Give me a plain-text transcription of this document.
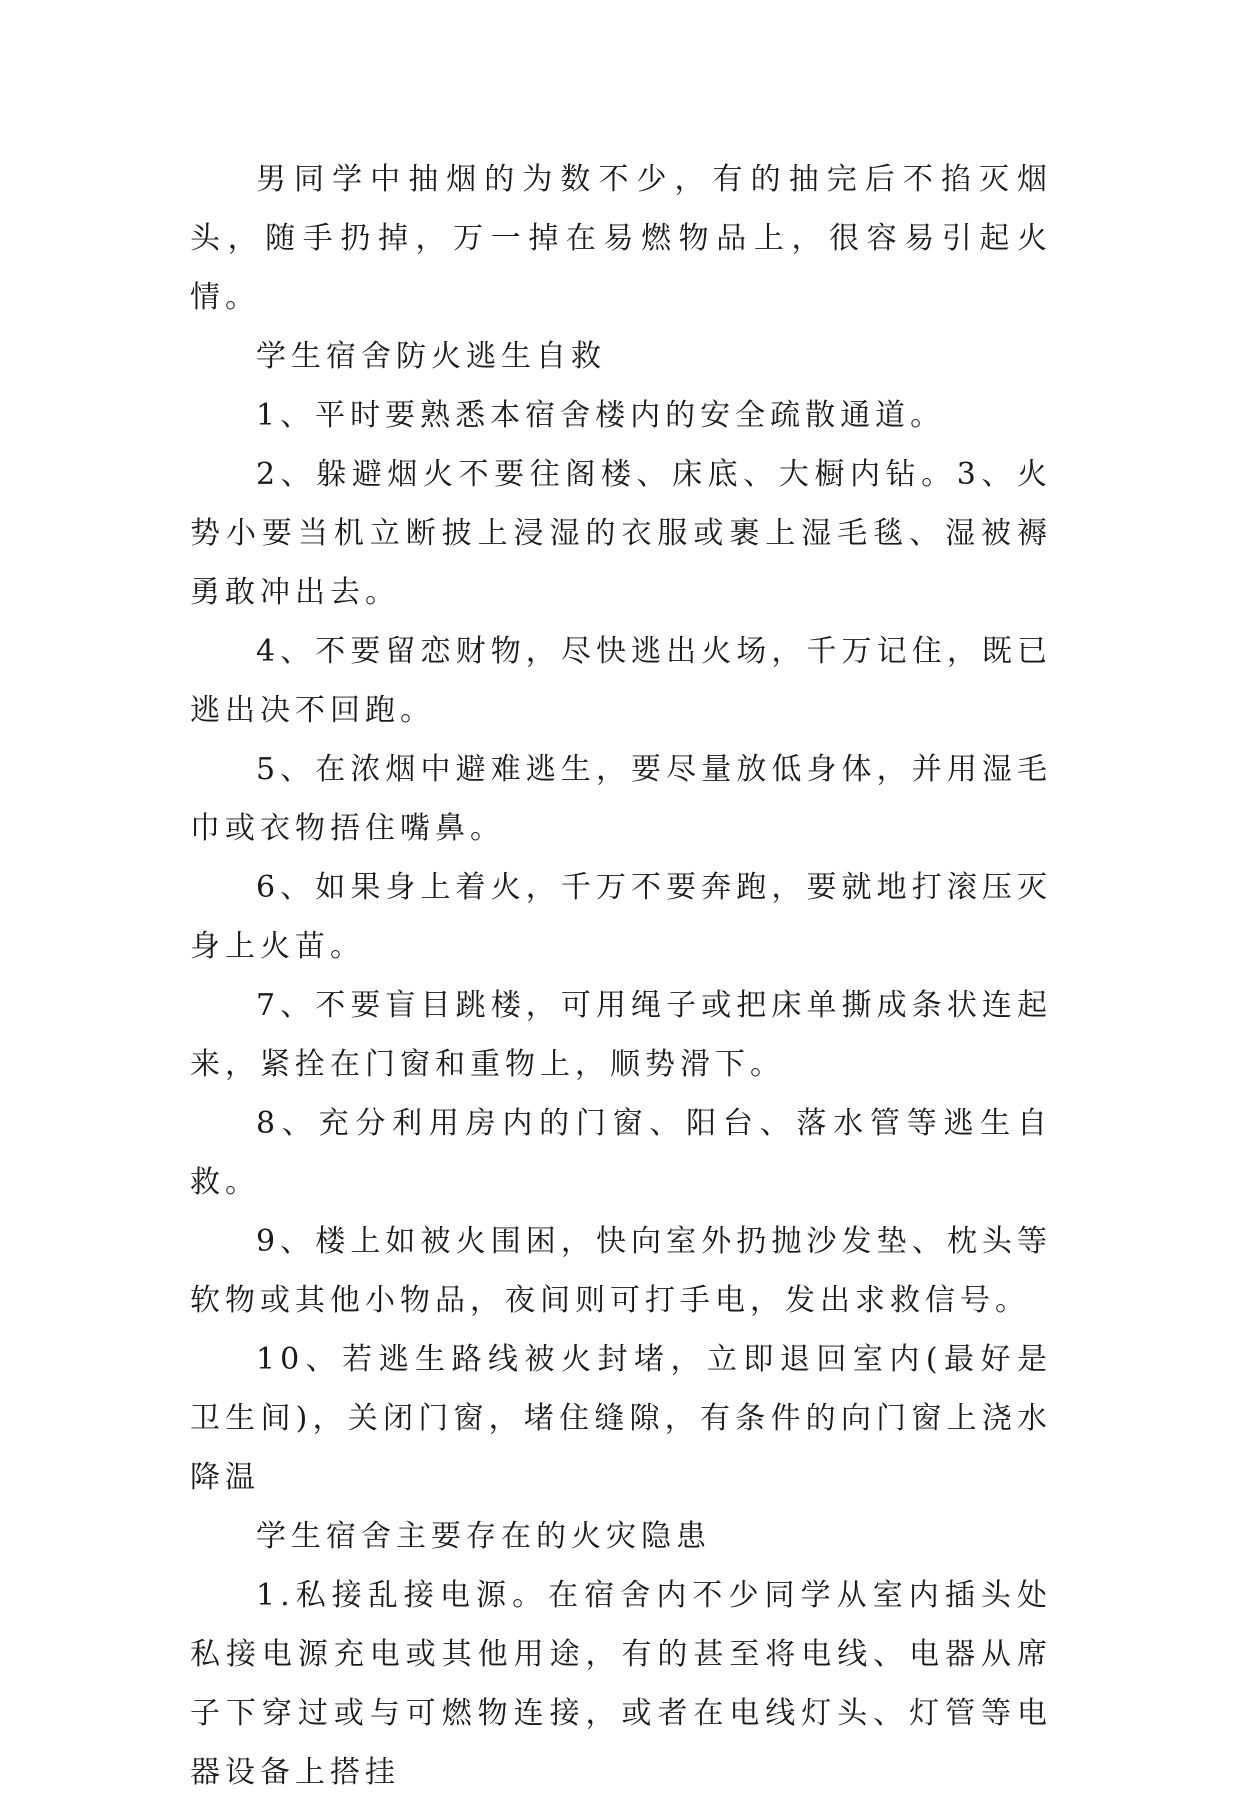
男同学中抽烟的为数不少，有的抽完后不掐灭烟头，随手扔掉，万一掉在易燃物品上，很容易引起火情。

学生宿舍防火逃生自救

1、平时要熟悉本宿舍楼内的安全疏散通道。

2、躲避烟火不要往阁楼、床底、大橱内钻。3、火势小要当机立断披上浸湿的衣服或裹上湿毛毯、湿被褥勇敢冲出去。

4、不要留恋财物，尽快逃出火场，千万记住，既已逃出决不回跑。

5、在浓烟中避难逃生，要尽量放低身体，并用湿毛巾或衣物捂住嘴鼻。

6、如果身上着火，千万不要奔跑，要就地打滚压灭身上火苗。

7、不要盲目跳楼，可用绳子或把床单撕成条状连起来，紧拴在门窗和重物上，顺势滑下。

8、充分利用房内的门窗、阳台、落水管等逃生自救。

9、楼上如被火围困，快向室外扔抛沙发垫、枕头等软物或其他小物品，夜间则可打手电，发出求救信号。

10、若逃生路线被火封堵，立即退回室内(最好是卫生间)，关闭门窗，堵住缝隙，有条件的向门窗上浇水降温

学生宿舍主要存在的火灾隐患

1.私接乱接电源。在宿舍内不少同学从室内插头处私接电源充电或其他用途，有的甚至将电线、电器从席子下穿过或与可燃物连接，或者在电线灯头、灯管等电器设备上搭挂
